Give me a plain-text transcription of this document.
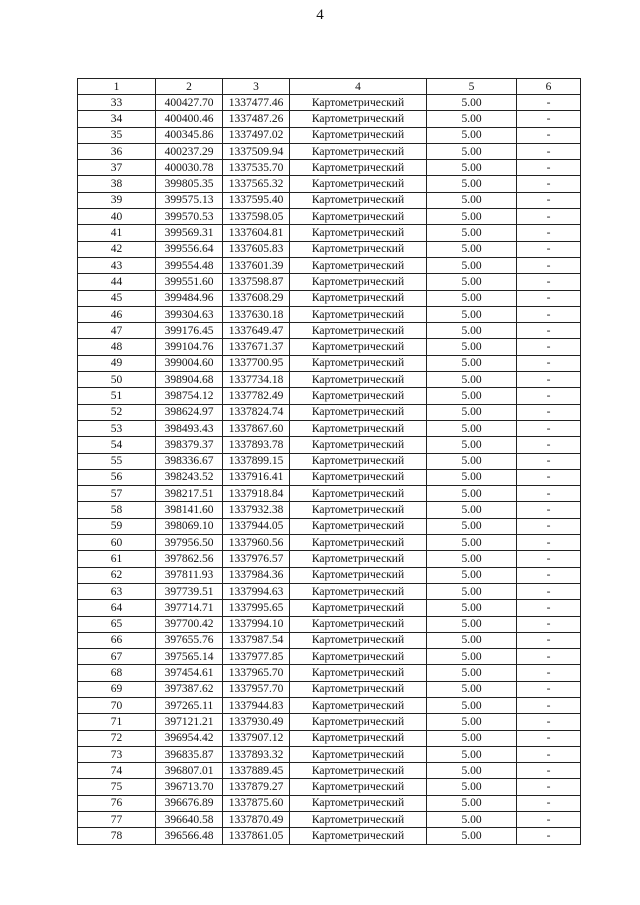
4
1	2	3	4	5	6
33	400427.70	1337477.46	Картометрический	5.00	-
34	400400.46	1337487.26	Картометрический	5.00	-
35	400345.86	1337497.02	Картометрический	5.00	-
36	400237.29	1337509.94	Картометрический	5.00	-
37	400030.78	1337535.70	Картометрический	5.00	-
38	399805.35	1337565.32	Картометрический	5.00	-
39	399575.13	1337595.40	Картометрический	5.00	-
40	399570.53	1337598.05	Картометрический	5.00	-
41	399569.31	1337604.81	Картометрический	5.00	-
42	399556.64	1337605.83	Картометрический	5.00	-
43	399554.48	1337601.39	Картометрический	5.00	-
44	399551.60	1337598.87	Картометрический	5.00	-
45	399484.96	1337608.29	Картометрический	5.00	-
46	399304.63	1337630.18	Картометрический	5.00	-
47	399176.45	1337649.47	Картометрический	5.00	-
48	399104.76	1337671.37	Картометрический	5.00	-
49	399004.60	1337700.95	Картометрический	5.00	-
50	398904.68	1337734.18	Картометрический	5.00	-
51	398754.12	1337782.49	Картометрический	5.00	-
52	398624.97	1337824.74	Картометрический	5.00	-
53	398493.43	1337867.60	Картометрический	5.00	-
54	398379.37	1337893.78	Картометрический	5.00	-
55	398336.67	1337899.15	Картометрический	5.00	-
56	398243.52	1337916.41	Картометрический	5.00	-
57	398217.51	1337918.84	Картометрический	5.00	-
58	398141.60	1337932.38	Картометрический	5.00	-
59	398069.10	1337944.05	Картометрический	5.00	-
60	397956.50	1337960.56	Картометрический	5.00	-
61	397862.56	1337976.57	Картометрический	5.00	-
62	397811.93	1337984.36	Картометрический	5.00	-
63	397739.51	1337994.63	Картометрический	5.00	-
64	397714.71	1337995.65	Картометрический	5.00	-
65	397700.42	1337994.10	Картометрический	5.00	-
66	397655.76	1337987.54	Картометрический	5.00	-
67	397565.14	1337977.85	Картометрический	5.00	-
68	397454.61	1337965.70	Картометрический	5.00	-
69	397387.62	1337957.70	Картометрический	5.00	-
70	397265.11	1337944.83	Картометрический	5.00	-
71	397121.21	1337930.49	Картометрический	5.00	-
72	396954.42	1337907.12	Картометрический	5.00	-
73	396835.87	1337893.32	Картометрический	5.00	-
74	396807.01	1337889.45	Картометрический	5.00	-
75	396713.70	1337879.27	Картометрический	5.00	-
76	396676.89	1337875.60	Картометрический	5.00	-
77	396640.58	1337870.49	Картометрический	5.00	-
78	396566.48	1337861.05	Картометрический	5.00	-
